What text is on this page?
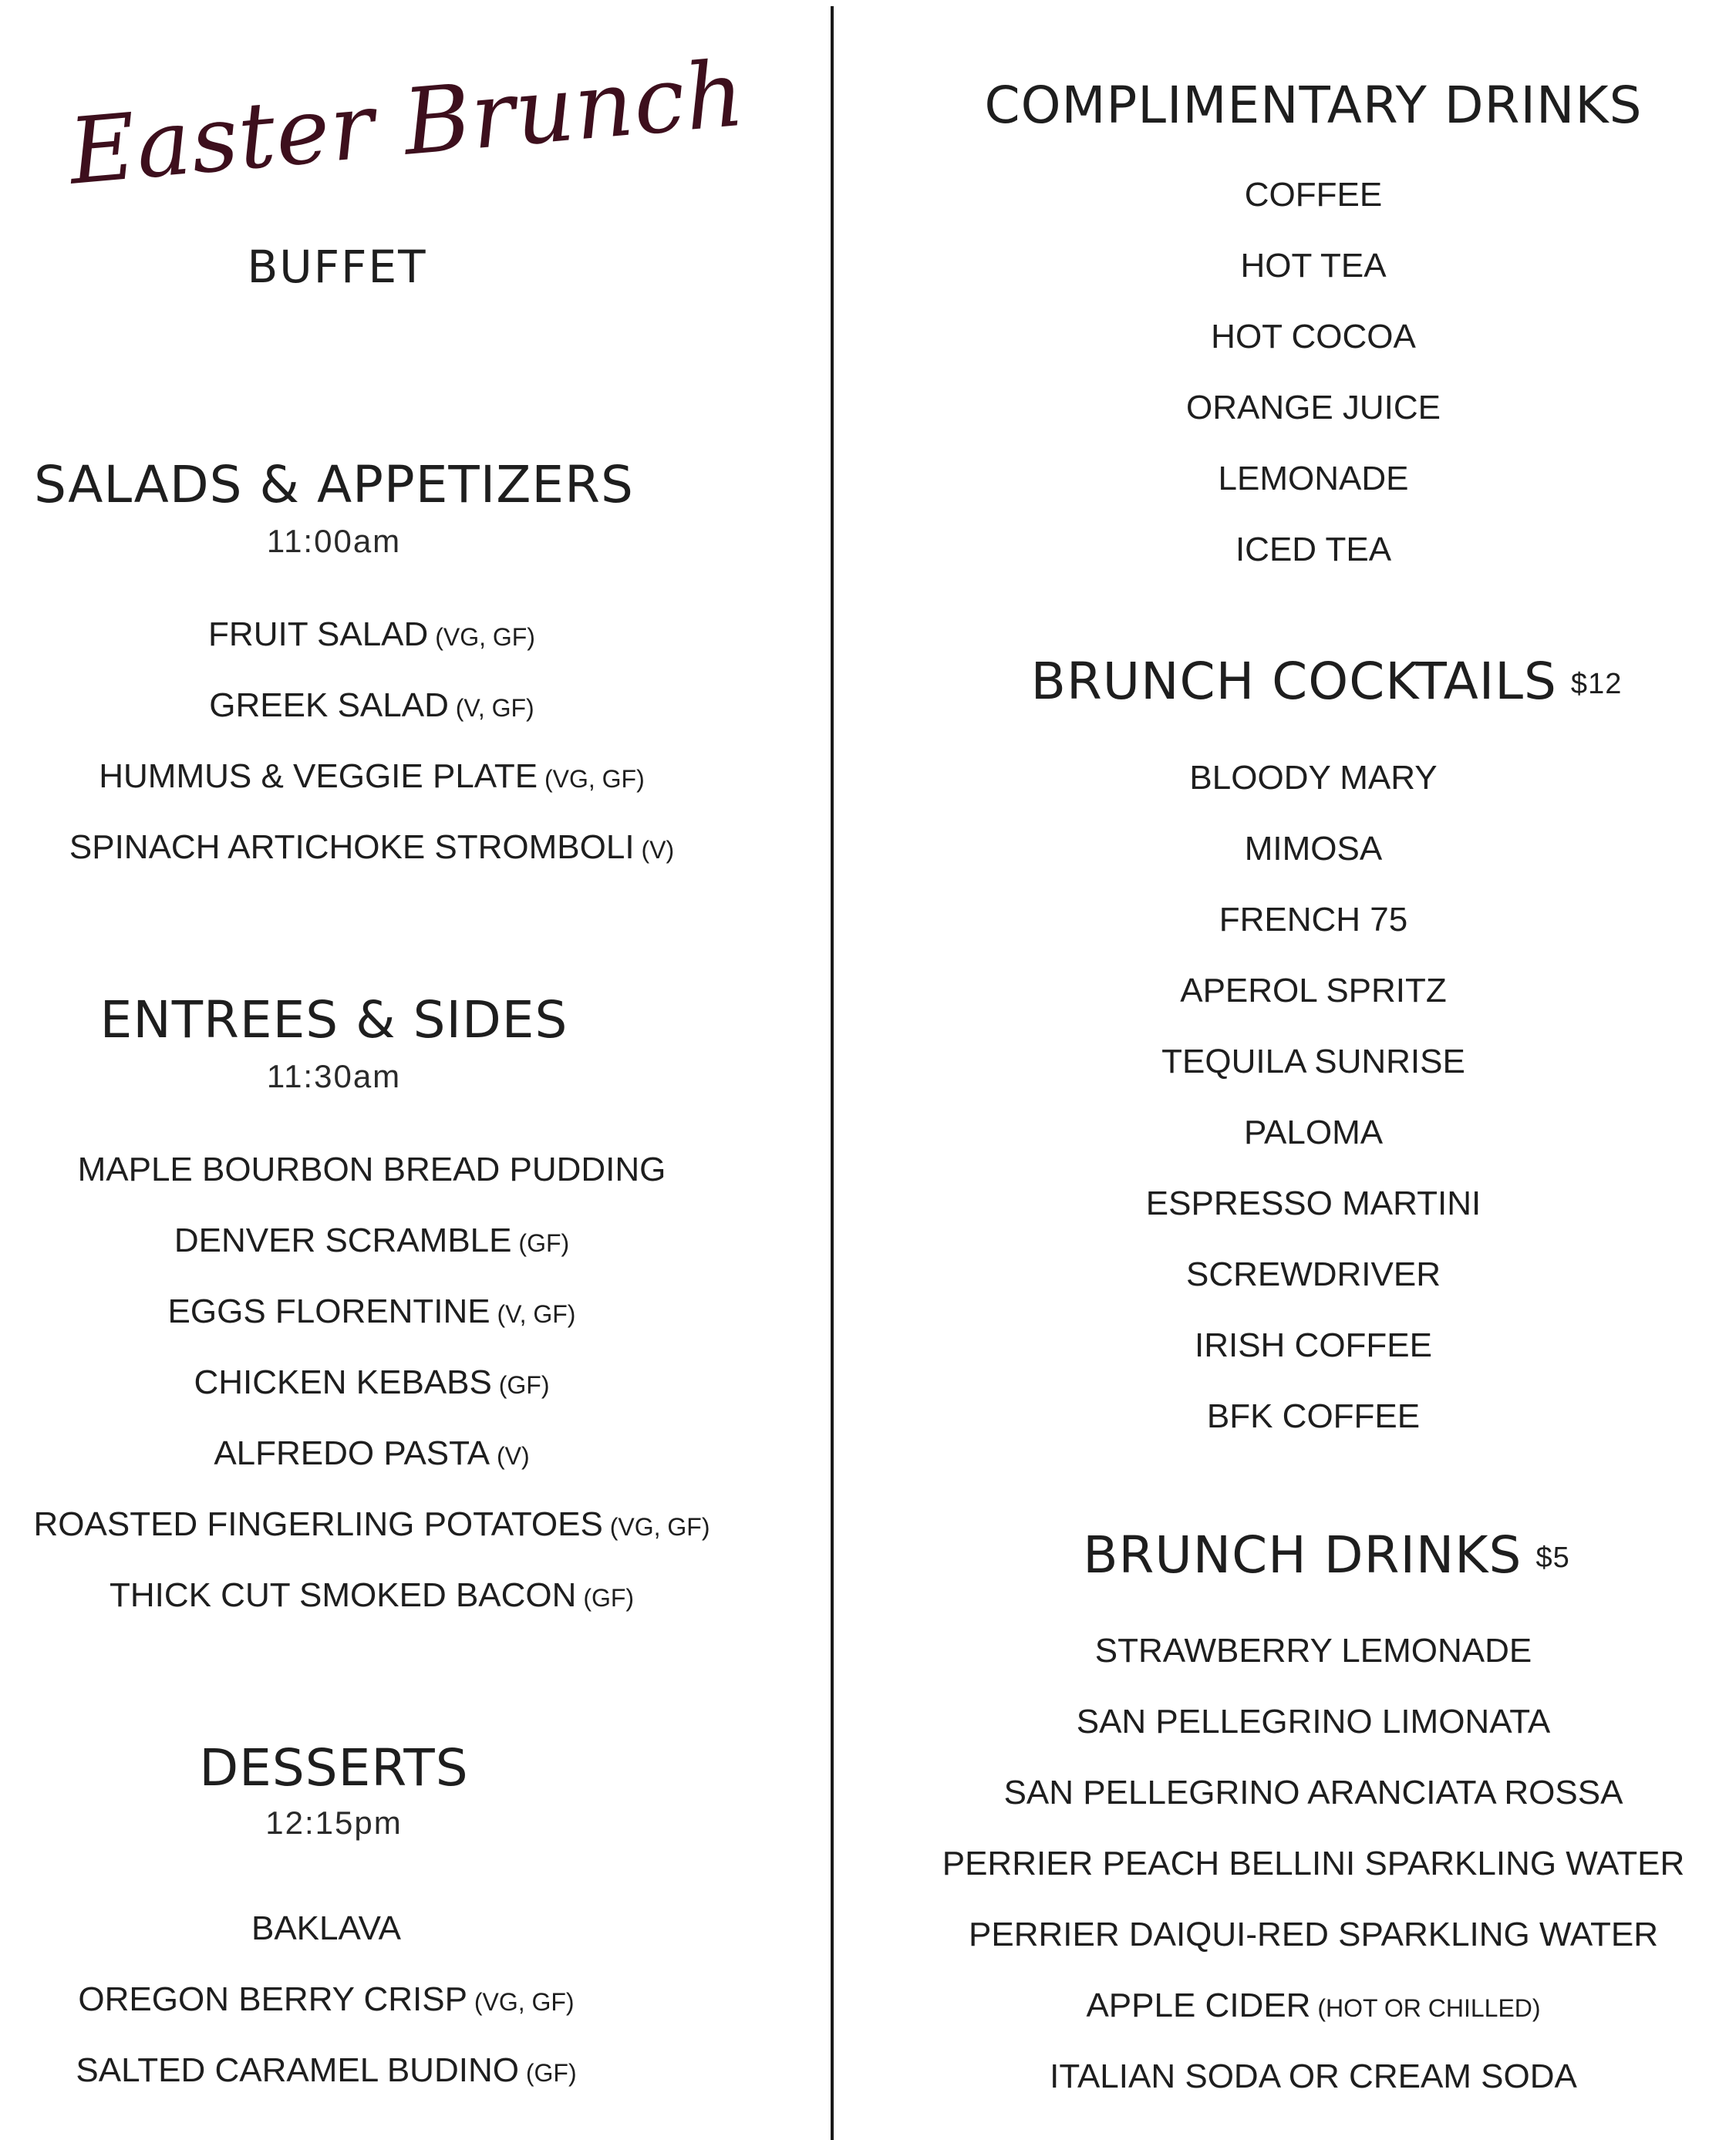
Easter Brunch
BUFFET
SALADS & APPETIZERS
11:00am
FRUIT SALAD (VG, GF)
GREEK SALAD (V, GF)
HUMMUS & VEGGIE PLATE (VG, GF)
SPINACH ARTICHOKE STROMBOLI (V)
ENTREES & SIDES
11:30am
MAPLE BOURBON BREAD PUDDING
DENVER SCRAMBLE (GF)
EGGS FLORENTINE (V, GF)
CHICKEN KEBABS (GF)
ALFREDO PASTA (V)
ROASTED FINGERLING POTATOES (VG, GF)
THICK CUT SMOKED BACON (GF)
DESSERTS
12:15pm
BAKLAVA
OREGON BERRY CRISP (VG, GF)
SALTED CARAMEL BUDINO (GF)
COMPLIMENTARY DRINKS
COFFEE
HOT TEA
HOT COCOA
ORANGE JUICE
LEMONADE
ICED TEA
BRUNCH COCKTAILS $12
BLOODY MARY
MIMOSA
FRENCH 75
APEROL SPRITZ
TEQUILA SUNRISE
PALOMA
ESPRESSO MARTINI
SCREWDRIVER
IRISH COFFEE
BFK COFFEE
BRUNCH DRINKS $5
STRAWBERRY LEMONADE
SAN PELLEGRINO LIMONATA
SAN PELLEGRINO ARANCIATA ROSSA
PERRIER PEACH BELLINI SPARKLING WATER
PERRIER DAIQUI-RED SPARKLING WATER
APPLE CIDER (HOT OR CHILLED)
ITALIAN SODA OR CREAM SODA
